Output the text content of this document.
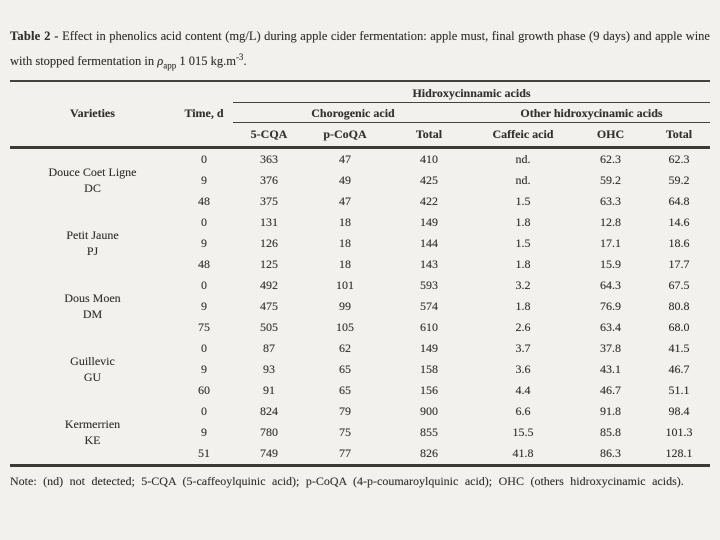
Table 2 - Effect in phenolics acid content (mg/L) during apple cider fermentation: apple must, final growth phase (9 days) and apple wine with stopped fermentation in $\rho_{app}$ 1 015 $kg.m^{-3}$.

		Hidroxycinnamic acids					
Varieties	Time, d	Chorogenic acid			Other hidroxycinamic acids		
		5-CQA	p-CoQA	Total	Caffeic acid	OHC	Total

Douce Coet Ligne
DC	0	363	47	410	nd.	62.3	62.3
	9	376	49	425	nd.	59.2	59.2
	48	375	47	422	1.5	63.3	64.8

Petit Jaune
PJ	0	131	18	149	1.8	12.8	14.6
	9	126	18	144	1.5	17.1	18.6
	48	125	18	143	1.8	15.9	17.7

Dous Moen
DM	0	492	101	593	3.2	64.3	67.5
	9	475	99	574	1.8	76.9	80.8
	75	505	105	610	2.6	63.4	68.0

Guillevic
GU	0	87	62	149	3.7	37.8	41.5
	9	93	65	158	3.6	43.1	46.7
	60	91	65	156	4.4	46.7	51.1

Kermerrien
KE	0	824	79	900	6.6	91.8	98.4
	9	780	75	855	15.5	85.8	101.3
	51	749	77	826	41.8	86.3	128.1

Note: (nd) not detected; 5-CQA (5-caffeoylquinic acid); p-CoQA (4-p-coumaroylquinic acid); OHC (others hidroxycinamic acids).
